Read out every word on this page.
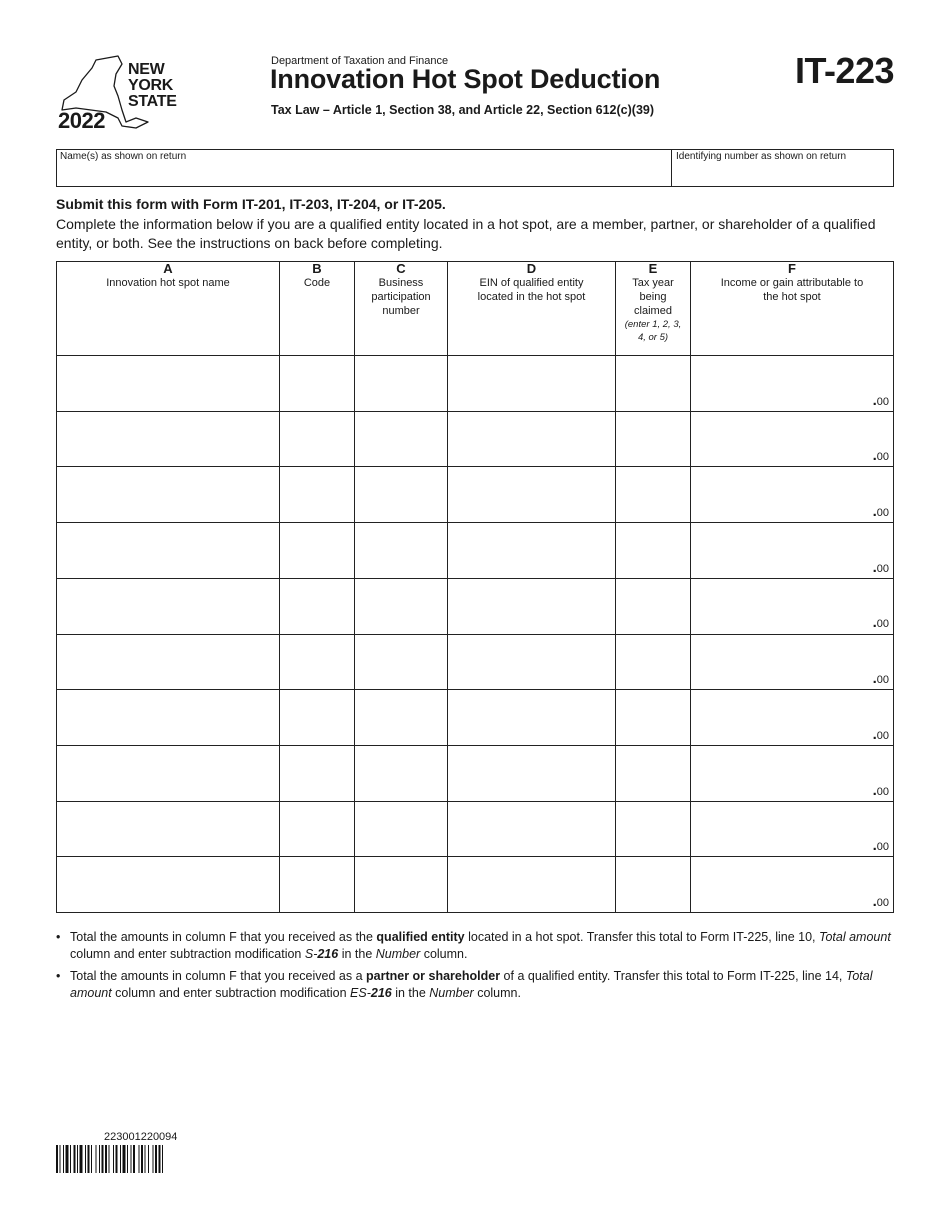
NEW
YORK
STATE
2022
Department of Taxation and Finance
Innovation Hot Spot Deduction
Tax Law – Article 1, Section 38, and Article 22, Section 612(c)(39)
IT-223
Name(s) as shown on return	Identifying number as shown on return
Submit this form with Form IT-201, IT-203, IT-204, or IT-205.
Complete the information below if you are a qualified entity located in a hot spot, are a member, partner, or shareholder of a qualified entity, or both. See the instructions on back before completing.
A
Innovation hot spot name
B
Code
C
Business participation number
D
EIN of qualified entity located in the hot spot
E
Tax year being claimed
(enter 1, 2, 3, 4, or 5)
F
Income or gain attributable to the hot spot
.00
.00
.00
.00
.00
.00
.00
.00
.00
.00
• Total the amounts in column F that you received as the qualified entity located in a hot spot. Transfer this total to Form IT-225, line 10, Total amount column and enter subtraction modification S-216 in the Number column.
• Total the amounts in column F that you received as a partner or shareholder of a qualified entity. Transfer this total to Form IT-225, line 14, Total amount column and enter subtraction modification ES-216 in the Number column.
223001220094
